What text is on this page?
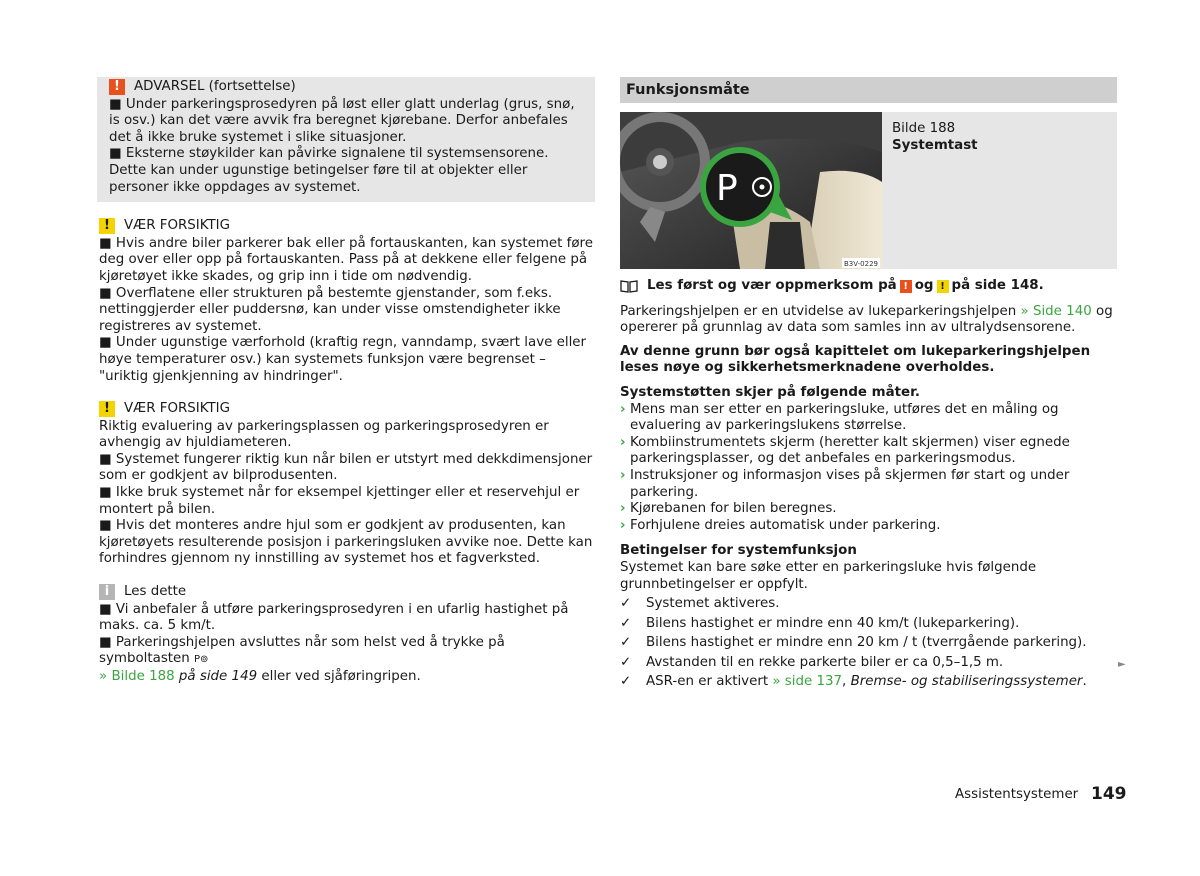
!	ADVARSEL (fortsettelse)

■ Under parkeringsprosedyren på løst eller glatt underlag (grus, snø, is osv.) kan det være avvik fra beregnet kjørebane. Derfor anbefales det å ikke bruke systemet i slike situasjoner.

■ Eksterne støykilder kan påvirke signalene til systemsensorene. Dette kan under ugunstige betingelser føre til at objekter eller personer ikke oppdages av systemet.

!	VÆR FORSIKTIG

■ Hvis andre biler parkerer bak eller på fortauskanten, kan systemet føre deg over eller opp på fortauskanten. Pass på at dekkene eller felgene på kjøretøyet ikke skades, og grip inn i tide om nødvendig.

■ Overflatene eller strukturen på bestemte gjenstander, som f.eks. nettinggjerder eller puddersnø, kan under visse omstendigheter ikke registreres av systemet.

■ Under ugunstige værforhold (kraftig regn, vanndamp, svært lave eller høye temperaturer osv.) kan systemets funksjon være begrenset – "uriktig gjenkjenning av hindringer".

!	VÆR FORSIKTIG

Riktig evaluering av parkeringsplassen og parkeringsprosedyren er avhengig av hjuldiameteren.

■ Systemet fungerer riktig kun når bilen er utstyrt med dekkdimensjoner som er godkjent av bilprodusenten.

■ Ikke bruk systemet når for eksempel kjettinger eller et reservehjul er montert på bilen.

■ Hvis det monteres andre hjul som er godkjent av produsenten, kan kjøretøyets resulterende posisjon i parkeringsluken avvike noe. Dette kan forhindres gjennom ny innstilling av systemet hos et fagverksted.

i	Les dette

■ Vi anbefaler å utføre parkeringsprosedyren i en ufarlig hastighet på maks. ca. 5 km/t.

■ Parkeringshjelpen avsluttes når som helst ved å trykke på symboltasten P⊚
» Bilde 188 på side 149 eller ved sjåføringripen.

Funksjonsmåte
P
B3V-0229
Bilde 188
Systemtast
Les først og vær oppmerksom på ! og ! på side 148.

Parkeringshjelpen er en utvidelse av lukeparkeringshjelpen » Side 140 og opererer på grunnlag av data som samles inn av ultralydsensorene.

Av denne grunn bør også kapittelet om lukeparkeringshjelpen leses nøye og sikkerhetsmerknadene overholdes.

Systemstøtten skjer på følgende måter.

› Mens man ser etter en parkeringsluke, utføres det en måling og evaluering av parkeringslukens størrelse.
› Kombiinstrumentets skjerm (heretter kalt skjermen) viser egnede parkeringsplasser, og det anbefales en parkeringsmodus.
› Instruksjoner og informasjon vises på skjermen før start og under parkering.
› Kjørebanen for bilen beregnes.
› Forhjulene dreies automatisk under parkering.

Betingelser for systemfunksjon

Systemet kan bare søke etter en parkeringsluke hvis følgende grunnbetingelser er oppfylt.

✓	Systemet aktiveres.
✓	Bilens hastighet er mindre enn 40 km/t (lukeparkering).
✓	Bilens hastighet er mindre enn 20 km / t (tverrgående parkering).
✓	Avstanden til en rekke parkerte biler er ca 0,5–1,5 m.
✓	ASR-en er aktivert » side 137, Bremse- og stabiliseringssystemer.
►
Assistentsystemer 149
